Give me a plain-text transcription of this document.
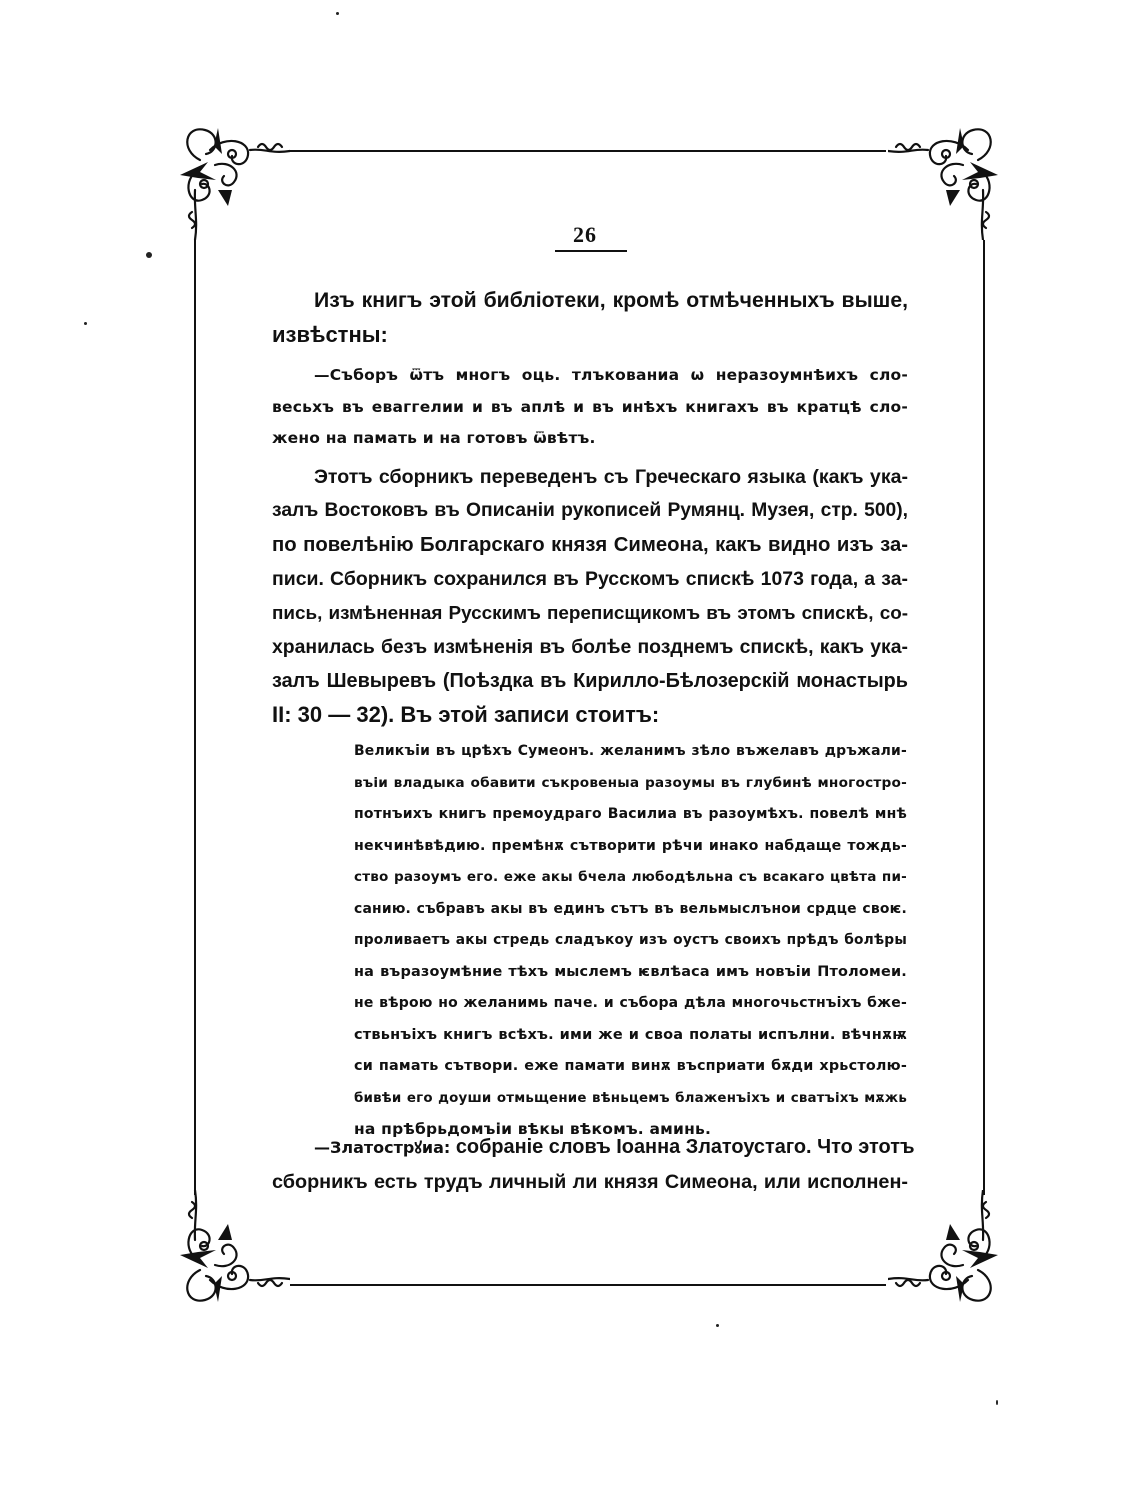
26
Изъ книгъ этой библіотеки, кромѣ отмѣченныхъ выше,
извѣстны:
—Съборъ ѿтъ многъ оць. тлъкованиа ѡ неразоумнѣихъ сло-
весьхъ въ еваггелии и въ аплѣ и въ инѣхъ книгахъ въ кратцѣ сло-
жено на памать и на готовъ ѿвѣтъ.
Этотъ сборникъ переведенъ съ Греческаго языка (какъ ука-
залъ Востоковъ въ Описаніи рукописей Румянц. Музея, стр. 500),
по повелѣнію Болгарскаго князя Симеона, какъ видно изъ за-
писи. Сборникъ сохранился въ Русскомъ спискѣ 1073 года, а за-
пись, измѣненная Русскимъ переписщикомъ въ этомъ спискѣ, со-
хранилась безъ измѣненія въ болѣе позднемъ спискѣ, какъ ука-
залъ Шевыревъ (Поѣздка въ Кирилло-Бѣлозерскій монастырь
II: 30 — 32). Въ этой записи стоитъ:
Великъіи въ црѣхъ Сумеонъ. желанимъ зѣло въжелавъ дръжали-
въіи владыка обавити съкровеныа разоумы въ глубинѣ многостро-
потнъихъ книгъ премоудраго Василиа въ разоумѣхъ. повелѣ мнѣ
некчинѣвѣдию. премѣнѫ сътворити рѣчи инако набдаще тождь-
ство разоумъ его. еже акы бчела любодѣльна съ всакаго цвѣта пи-
санию. събравъ акы въ единъ сътъ въ вельмыслънои срдце своѥ.
проливаетъ акы стредь сладъкоу изъ оустъ своихъ прѣдъ болѣры
на въразоумѣние тѣхъ мыслемъ ѥвлѣаса имъ новъіи Птоломеи.
не вѣрою но желанимь паче. и събора дѣла многочьстнъіхъ бже-
ствьнъіхъ книгъ всѣхъ. ими же и своа полаты испълни. вѣчнѫѭ
си памать сътвори. еже памати винѫ въсприати бѫди хрьстолю-
бивѣи его доуши отмьщение вѣньцемъ блаженъіхъ и сватъіхъ мѫжь
на прѣбрьдомъіи вѣкы вѣкомъ. аминь.
—Златострꙋиа: собраніе словъ Іоанна Златоустаго. Что этотъ
сборникъ есть трудъ личный ли князя Симеона, или исполнен-
